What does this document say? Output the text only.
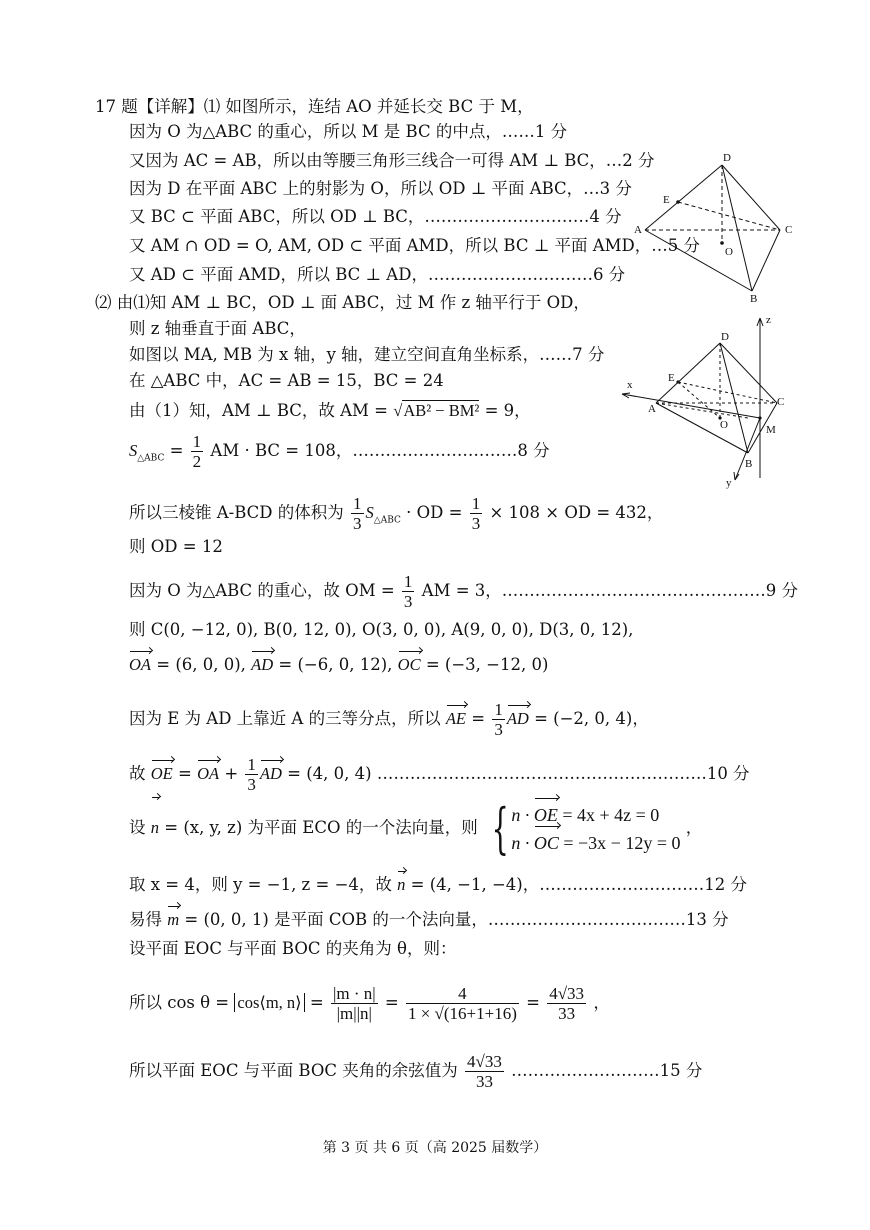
17 题【详解】⑴ 如图所示，连结 AO 并延长交 BC 于 M，
因为 O 为△ABC 的重心，所以 M 是 BC 的中点，……1 分
又因为 AC = AB，所以由等腰三角形三线合一可得 AM ⊥ BC，…2 分
因为 D 在平面 ABC 上的射影为 O，所以 OD ⊥ 平面 ABC，…3 分
又 BC ⊂ 平面 ABC，所以 OD ⊥ BC，…………………………4 分
又 AM ∩ OD = O, AM, OD ⊂ 平面 AMD，所以 BC ⊥ 平面 AMD，…5 分
又 AD ⊂ 平面 AMD，所以 BC ⊥ AD，…………………………6 分
⑵ 由⑴知 AM ⊥ BC，OD ⊥ 面 ABC，过 M 作 z 轴平行于 OD，
则 z 轴垂直于面 ABC，
如图以 MA, MB 为 x 轴，y 轴，建立空间直角坐标系，……7 分
在 △ABC 中，AC = AB = 15，BC = 24
由（1）知，AM ⊥ BC，故 AM = √AB² − BM² = 9，
$S_{\triangle ABC} = \frac{1}{2}$ AM · BC = 108，…………………………8 分
所以三棱锥 A-BCD 的体积为 $\frac{1}{3} S_{\triangle ABC}$ · OD = $\frac{1}{3} \times 108$ × OD = 432，
则 OD = 12
因为 O 为△ABC 的重心，故 OM = $\frac{1}{3}$ AM = 3，…………………………………………9 分
则 C(0, −12, 0), B(0, 12, 0), O(3, 0, 0), A(9, 0, 0), D(3, 0, 12),
OA = (6, 0, 0), AD = (−6, 0, 12), OC = (−3, −12, 0)
因为 E 为 AD 上靠近 A 的三等分点，所以 AE = $\frac{1}{3}$ AD = (−2, 0, 4)，
故 OE = OA + $\frac{1}{3}$ AD = (4, 0, 4) ……………………………………………………10 分
设 n = (x, y, z) 为平面 ECO 的一个法向量，则 { n · OE = 4x + 4z = 0
n · OC = −3x − 12y = 0
，
取 x = 4，则 y = −1, z = −4，故 n = (4, −1, −4)，…………………………12 分
易得 m = (0, 0, 1) 是平面 COB 的一个法向量，………………………………13 分
设平面 EOC 与平面 BOC 的夹角为 θ，则：
所以 cos θ = cos⟨m, n⟩ = $\frac{|m \cdot n|}{|m||n|} = \frac{4}{1 \times √(16+1+16)} = \frac{4√33}{33}$ ，
所以平面 EOC 与平面 BOC 夹角的余弦值为 $\frac{4√33}{33}$ ………………………15 分
D
E
A	C
O
B
z
D
E
x
A
C
O	M
B
y
第 3 页 共 6 页（高 2025 届数学）
